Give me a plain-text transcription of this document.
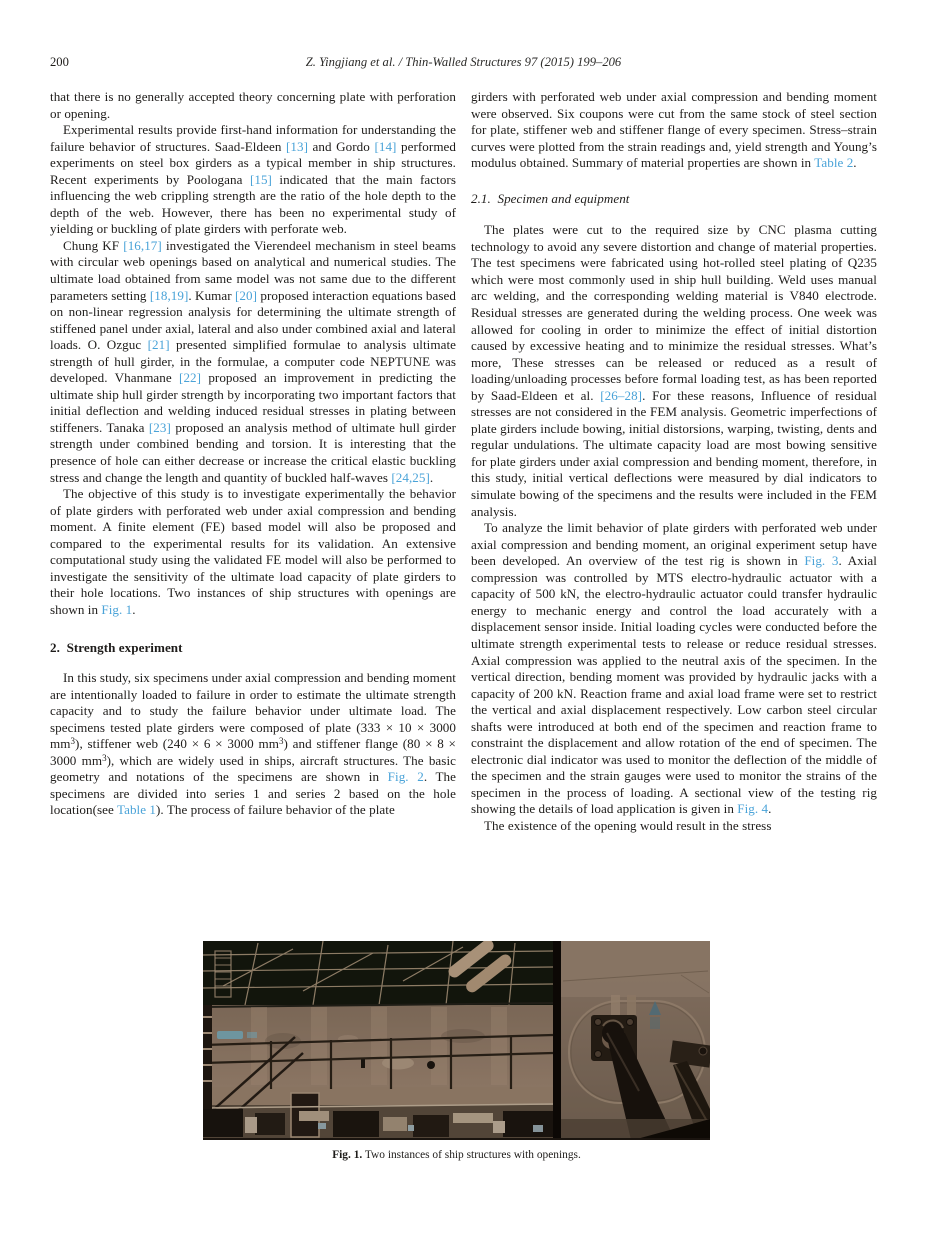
200	Z. Yingjiang et al. / Thin-Walled Structures 97 (2015) 199–206

that there is no generally accepted theory concerning plate with perforation or opening.

Experimental results provide first-hand information for understanding the failure behavior of structures. Saad-Eldeen [13] and Gordo [14] performed experiments on steel box girders as a typical member in ship structures. Recent experiments by Poologana [15] indicated that the main factors influencing the web crippling strength are the ratio of the hole depth to the depth of the web. However, there has been no experimental study of yielding or buckling of plate girders with perforate web.

Chung KF [16,17] investigated the Vierendeel mechanism in steel beams with circular web openings based on analytical and numerical studies. The ultimate load obtained from same model was not same due to the different parameters setting [18,19]. Kumar [20] proposed interaction equations based on non-linear regression analysis for determining the ultimate strength of stiffened panel under axial, lateral and also under combined axial and lateral loads. O. Ozguc [21] presented simplified formulae to analysis ultimate strength of hull girder, in the formulae, a computer code NEPTUNE was developed. Vhanmane [22] proposed an improvement in predicting the ultimate ship hull girder strength by incorporating two important factors that initial deflection and welding induced residual stresses in plating between stiffeners. Tanaka [23] proposed an analysis method of ultimate hull girder strength under combined bending and torsion. It is interesting that the presence of hole can either decrease or increase the critical elastic buckling stress and change the length and quantity of buckled half-waves [24,25].

The objective of this study is to investigate experimentally the behavior of plate girders with perforated web under axial compression and bending moment. A finite element (FE) based model will also be proposed and compared to the experimental results for its validation. An extensive computational study using the validated FE model will also be performed to investigate the sensitivity of the ultimate load capacity of plate girders to their hole locations. Two instances of ship structures with openings are shown in Fig. 1.

2.  Strength experiment

In this study, six specimens under axial compression and bending moment are intentionally loaded to failure in order to estimate the ultimate strength capacity and to study the failure behavior under ultimate load. The specimens tested plate girders were composed of plate (333 × 10 × 3000 $mm^3$), stiffener web (240 × 6 × 3000 $mm^3$) and stiffener flange (80 × 8 × 3000 $mm^3$), which are widely used in ships, aircraft structures. The basic geometry and notations of the specimens are shown in Fig. 2. The specimens are divided into series 1 and series 2 based on the hole location(see Table 1). The process of failure behavior of the plate

girders with perforated web under axial compression and bending moment were observed. Six coupons were cut from the same stock of steel section for plate, stiffener web and stiffener flange of every specimen. Stress–strain curves were plotted from the strain readings and, yield strength and Young’s modulus obtained. Summary of material properties are shown in Table 2.

2.1.  Specimen and equipment

The plates were cut to the required size by CNC plasma cutting technology to avoid any severe distortion and change of material properties. The test specimens were fabricated using hot-rolled steel plating of Q235 which were most commonly used in ship hull building. Weld uses manual arc welding, and the corresponding welding material is V840 electrode. Residual stresses are generated during the welding process. One week was allowed for cooling in order to minimize the effect of initial distortion caused by excessive heating and to minimize the residual stresses. What’s more, These stresses can be released or reduced as a result of loading/unloading processes before formal loading test, as has been reported by Saad-Eldeen et al. [26–28]. For these reasons, Influence of residual stresses are not considered in the FEM analysis. Geometric imperfections of plate girders include bowing, initial distorsions, warping, twisting, dents and regular undulations. The ultimate capacity load are most bowing sensitive for plate girders under axial compression and bending moment, therefore, in this study, initial vertical deflections were measured by dial indicators to simulate bowing of the specimens and the results were included in the FEM analysis.

To analyze the limit behavior of plate girders with perforated web under axial compression and bending moment, an original experiment setup have been developed. An overview of the test rig is shown in Fig. 3. Axial compression was controlled by MTS electro-hydraulic actuator with a capacity of 500 kN, the electro-hydraulic actuator could transfer hydraulic energy to mechanic energy and control the load accurately with a displacement sensor inside. Initial loading cycles were conducted before the ultimate strength experimental tests to release or reduce residual stresses. Axial compression was applied to the neutral axis of the specimen. In the vertical direction, bending moment was provided by hydraulic jacks with a capacity of 200 kN. Reaction frame and axial load frame were set to restrict the vertical and axial displacement respectively. Low carbon steel circular shafts were introduced at both end of the specimen and reaction frame to constraint the displacement and allow rotation of the end of specimen. The electronic dial indicator was used to monitor the deflection of the middle of the specimen and the strain gauges were used to monitor the strains of the specimen in the process of loading. A sectional view of the testing rig showing the details of load application is given in Fig. 4.

The existence of the opening would result in the stress

Fig. 1. Two instances of ship structures with openings.
